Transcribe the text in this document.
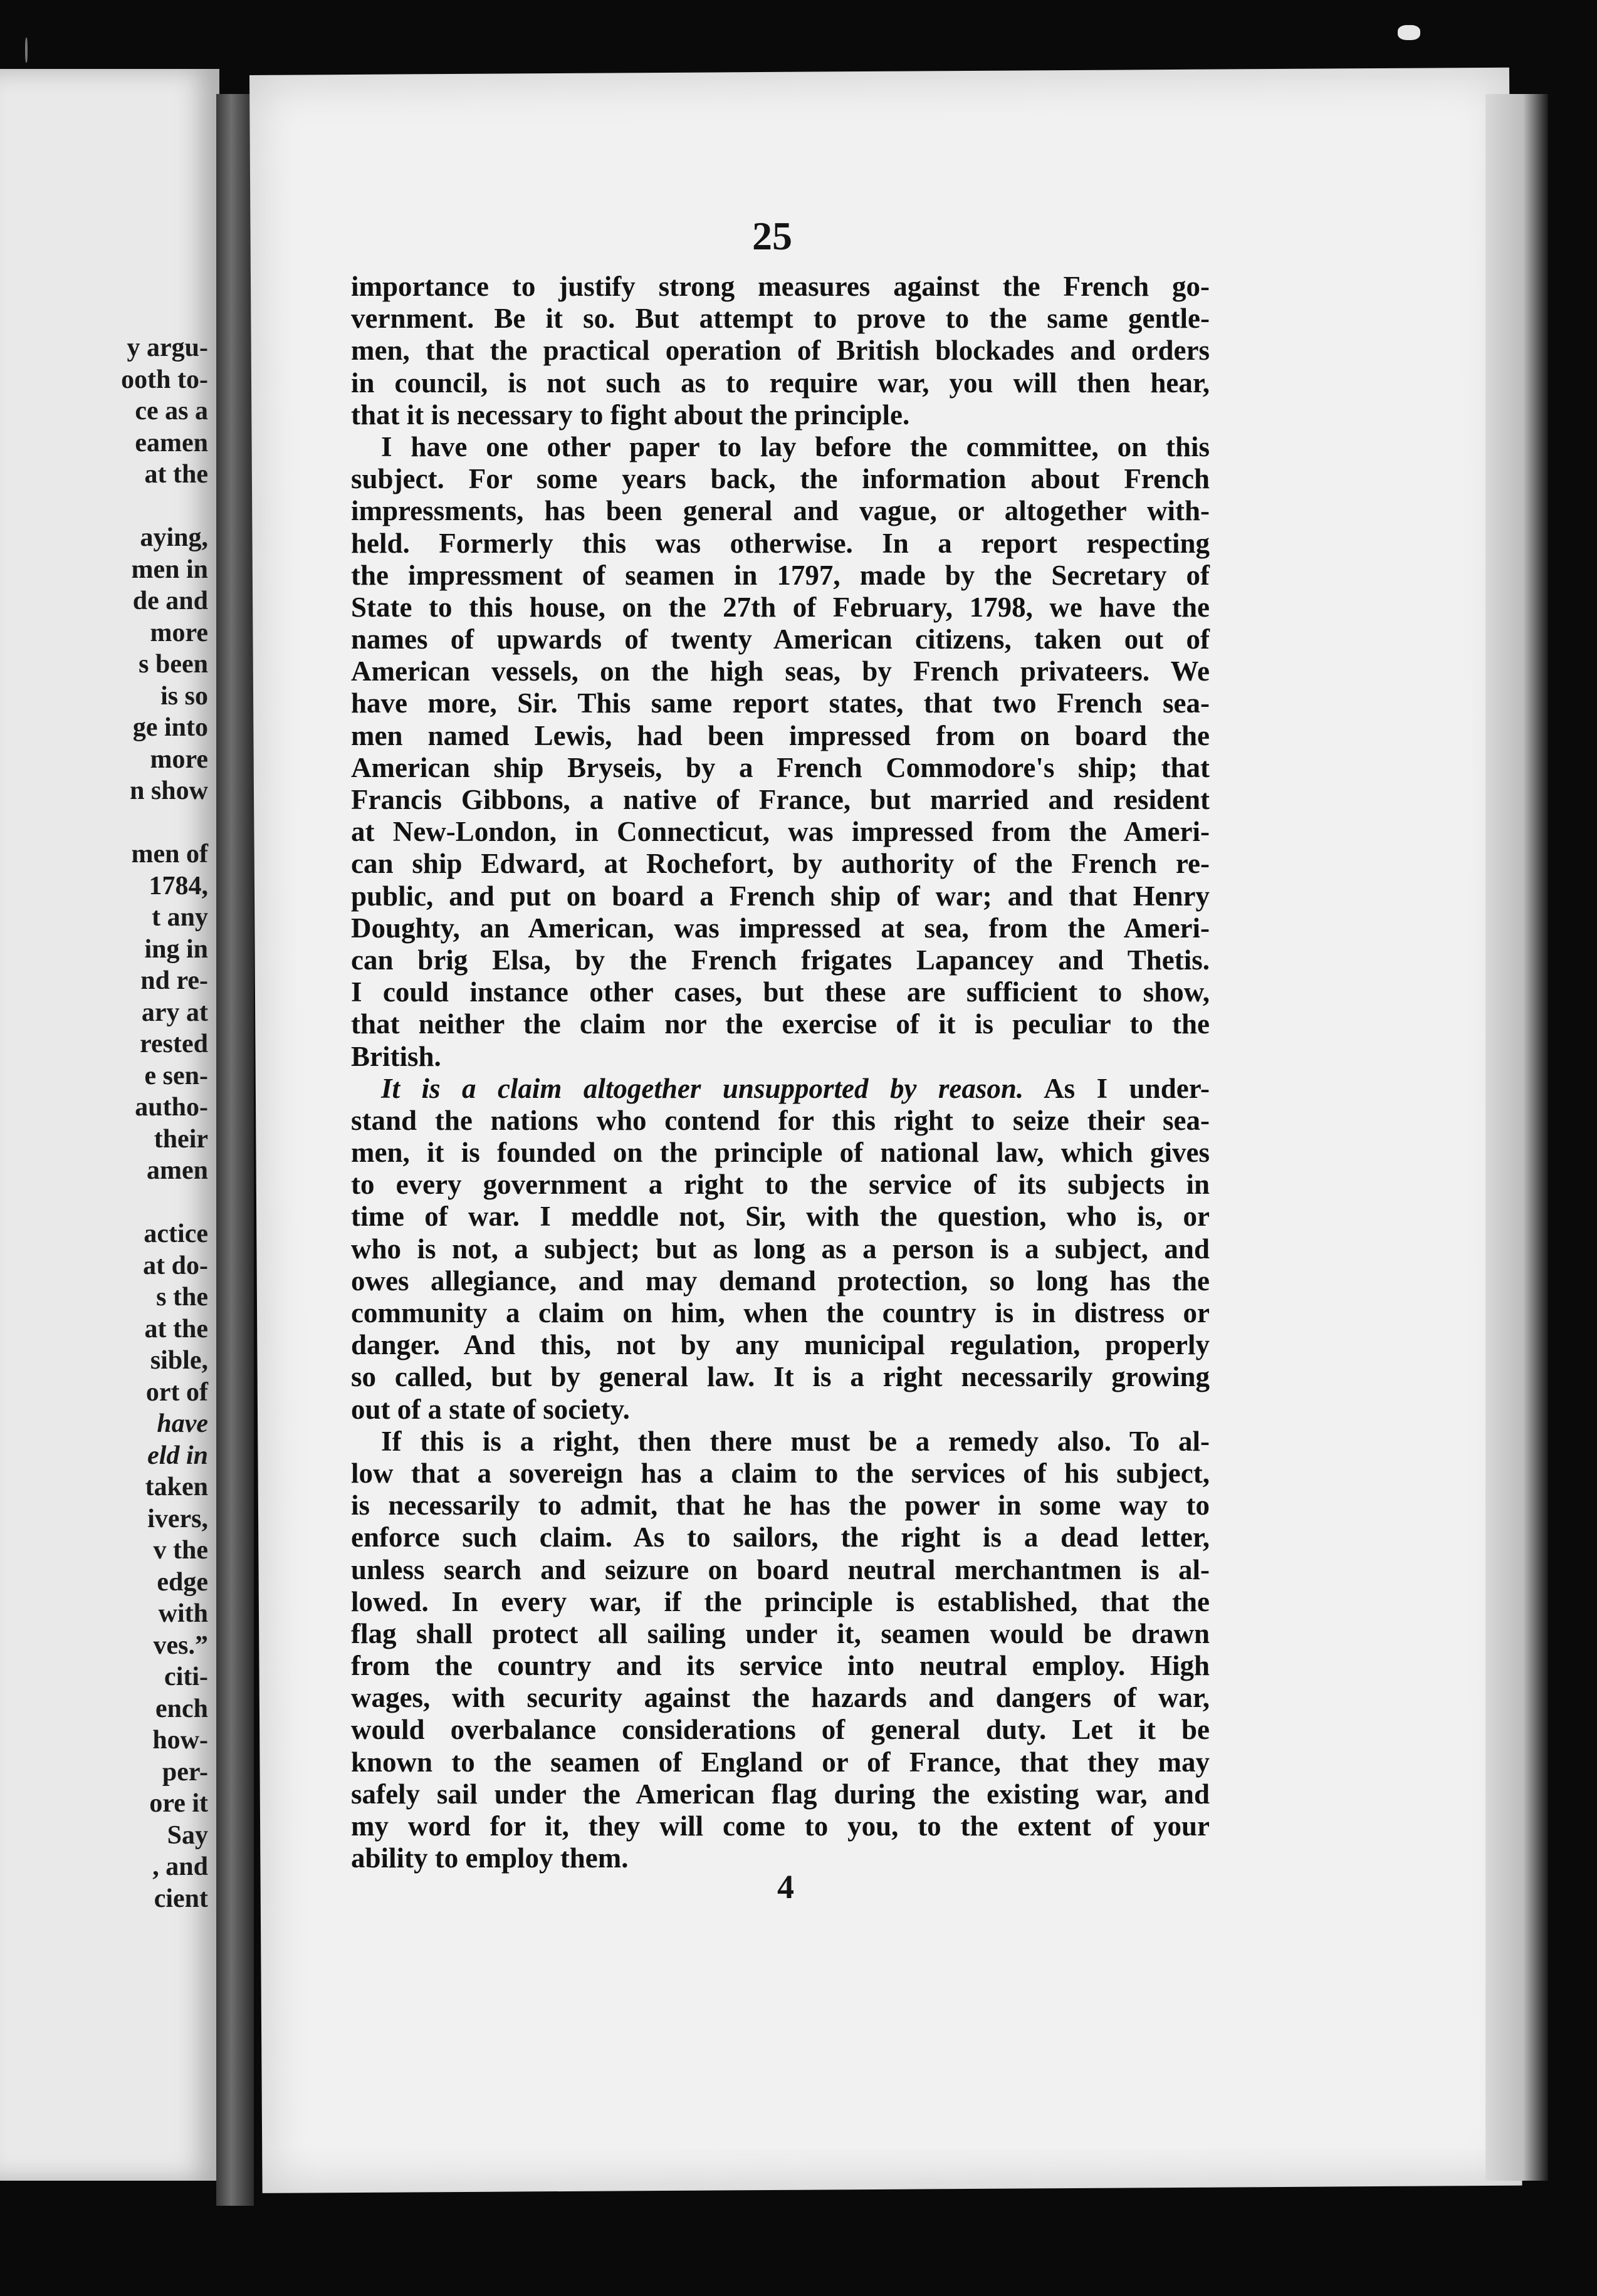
y argu-
ooth to-
ce as a
eamen
at the
aying,
men in
de and
more
s been
is so
ge into
more
n show
men of
1784,
t any
ing in
nd re-
ary at
rested
e sen-
autho-
their
amen
actice
at do-
s the
at the
sible,
ort of
have
eld in
taken
ivers,
v the
edge
with
ves.”
citi-
ench
how-
per-
ore it
Say
, and
cient
25
importance to justify strong measures against the French go-
vernment. Be it so. But attempt to prove to the same gentle-
men, that the practical operation of British blockades and orders
in council, is not such as to require war, you will then hear,
that it is necessary to fight about the principle.
I have one other paper to lay before the committee, on this
subject. For some years back, the information about French
impressments, has been general and vague, or altogether with-
held. Formerly this was otherwise. In a report respecting
the impressment of seamen in 1797, made by the Secretary of
State to this house, on the 27th of February, 1798, we have the
names of upwards of twenty American citizens, taken out of
American vessels, on the high seas, by French privateers. We
have more, Sir. This same report states, that two French sea-
men named Lewis, had been impressed from on board the
American ship Bryseis, by a French Commodore's ship; that
Francis Gibbons, a native of France, but married and resident
at New-London, in Connecticut, was impressed from the Ameri-
can ship Edward, at Rochefort, by authority of the French re-
public, and put on board a French ship of war; and that Henry
Doughty, an American, was impressed at sea, from the Ameri-
can brig Elsa, by the French frigates Lapancey and Thetis.
I could instance other cases, but these are sufficient to show,
that neither the claim nor the exercise of it is peculiar to the
British.
It is a claim altogether unsupported by reason. As I under-
stand the nations who contend for this right to seize their sea-
men, it is founded on the principle of national law, which gives
to every government a right to the service of its subjects in
time of war. I meddle not, Sir, with the question, who is, or
who is not, a subject; but as long as a person is a subject, and
owes allegiance, and may demand protection, so long has the
community a claim on him, when the country is in distress or
danger. And this, not by any municipal regulation, properly
so called, but by general law. It is a right necessarily growing
out of a state of society.
If this is a right, then there must be a remedy also. To al-
low that a sovereign has a claim to the services of his subject,
is necessarily to admit, that he has the power in some way to
enforce such claim. As to sailors, the right is a dead letter,
unless search and seizure on board neutral merchantmen is al-
lowed. In every war, if the principle is established, that the
flag shall protect all sailing under it, seamen would be drawn
from the country and its service into neutral employ. High
wages, with security against the hazards and dangers of war,
would overbalance considerations of general duty. Let it be
known to the seamen of England or of France, that they may
safely sail under the American flag during the existing war, and
my word for it, they will come to you, to the extent of your
ability to employ them.
4
